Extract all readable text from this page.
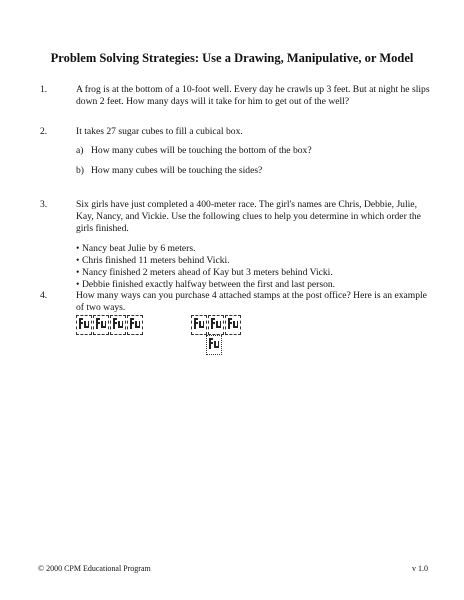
Problem Solving Strategies: Use a Drawing, Manipulative, or Model
1.	A frog is at the bottom of a 10-foot well. Every day he crawls up 3 feet. But at night he slips down 2 feet. How many days will it take for him to get out of the well?
2.	It takes 27 sugar cubes to fill a cubical box.
a) How many cubes will be touching the bottom of the box?
b) How many cubes will be touching the sides?
3.	Six girls have just completed a 400-meter race. The girl's names are Chris, Debbie, Julie, Kay, Nancy, and Vickie. Use the following clues to help you determine in which order the girls finished.
• Nancy beat Julie by 6 meters.
• Chris finished 11 meters behind Vicki.
• Nancy finished 2 meters ahead of Kay but 3 meters behind Vicki.
• Debbie finished exactly halfway between the first and last person.
4.	How many ways can you purchase 4 attached stamps at the post office? Here is an example of two ways.
© 2000 CPM Educational Program	v 1.0
